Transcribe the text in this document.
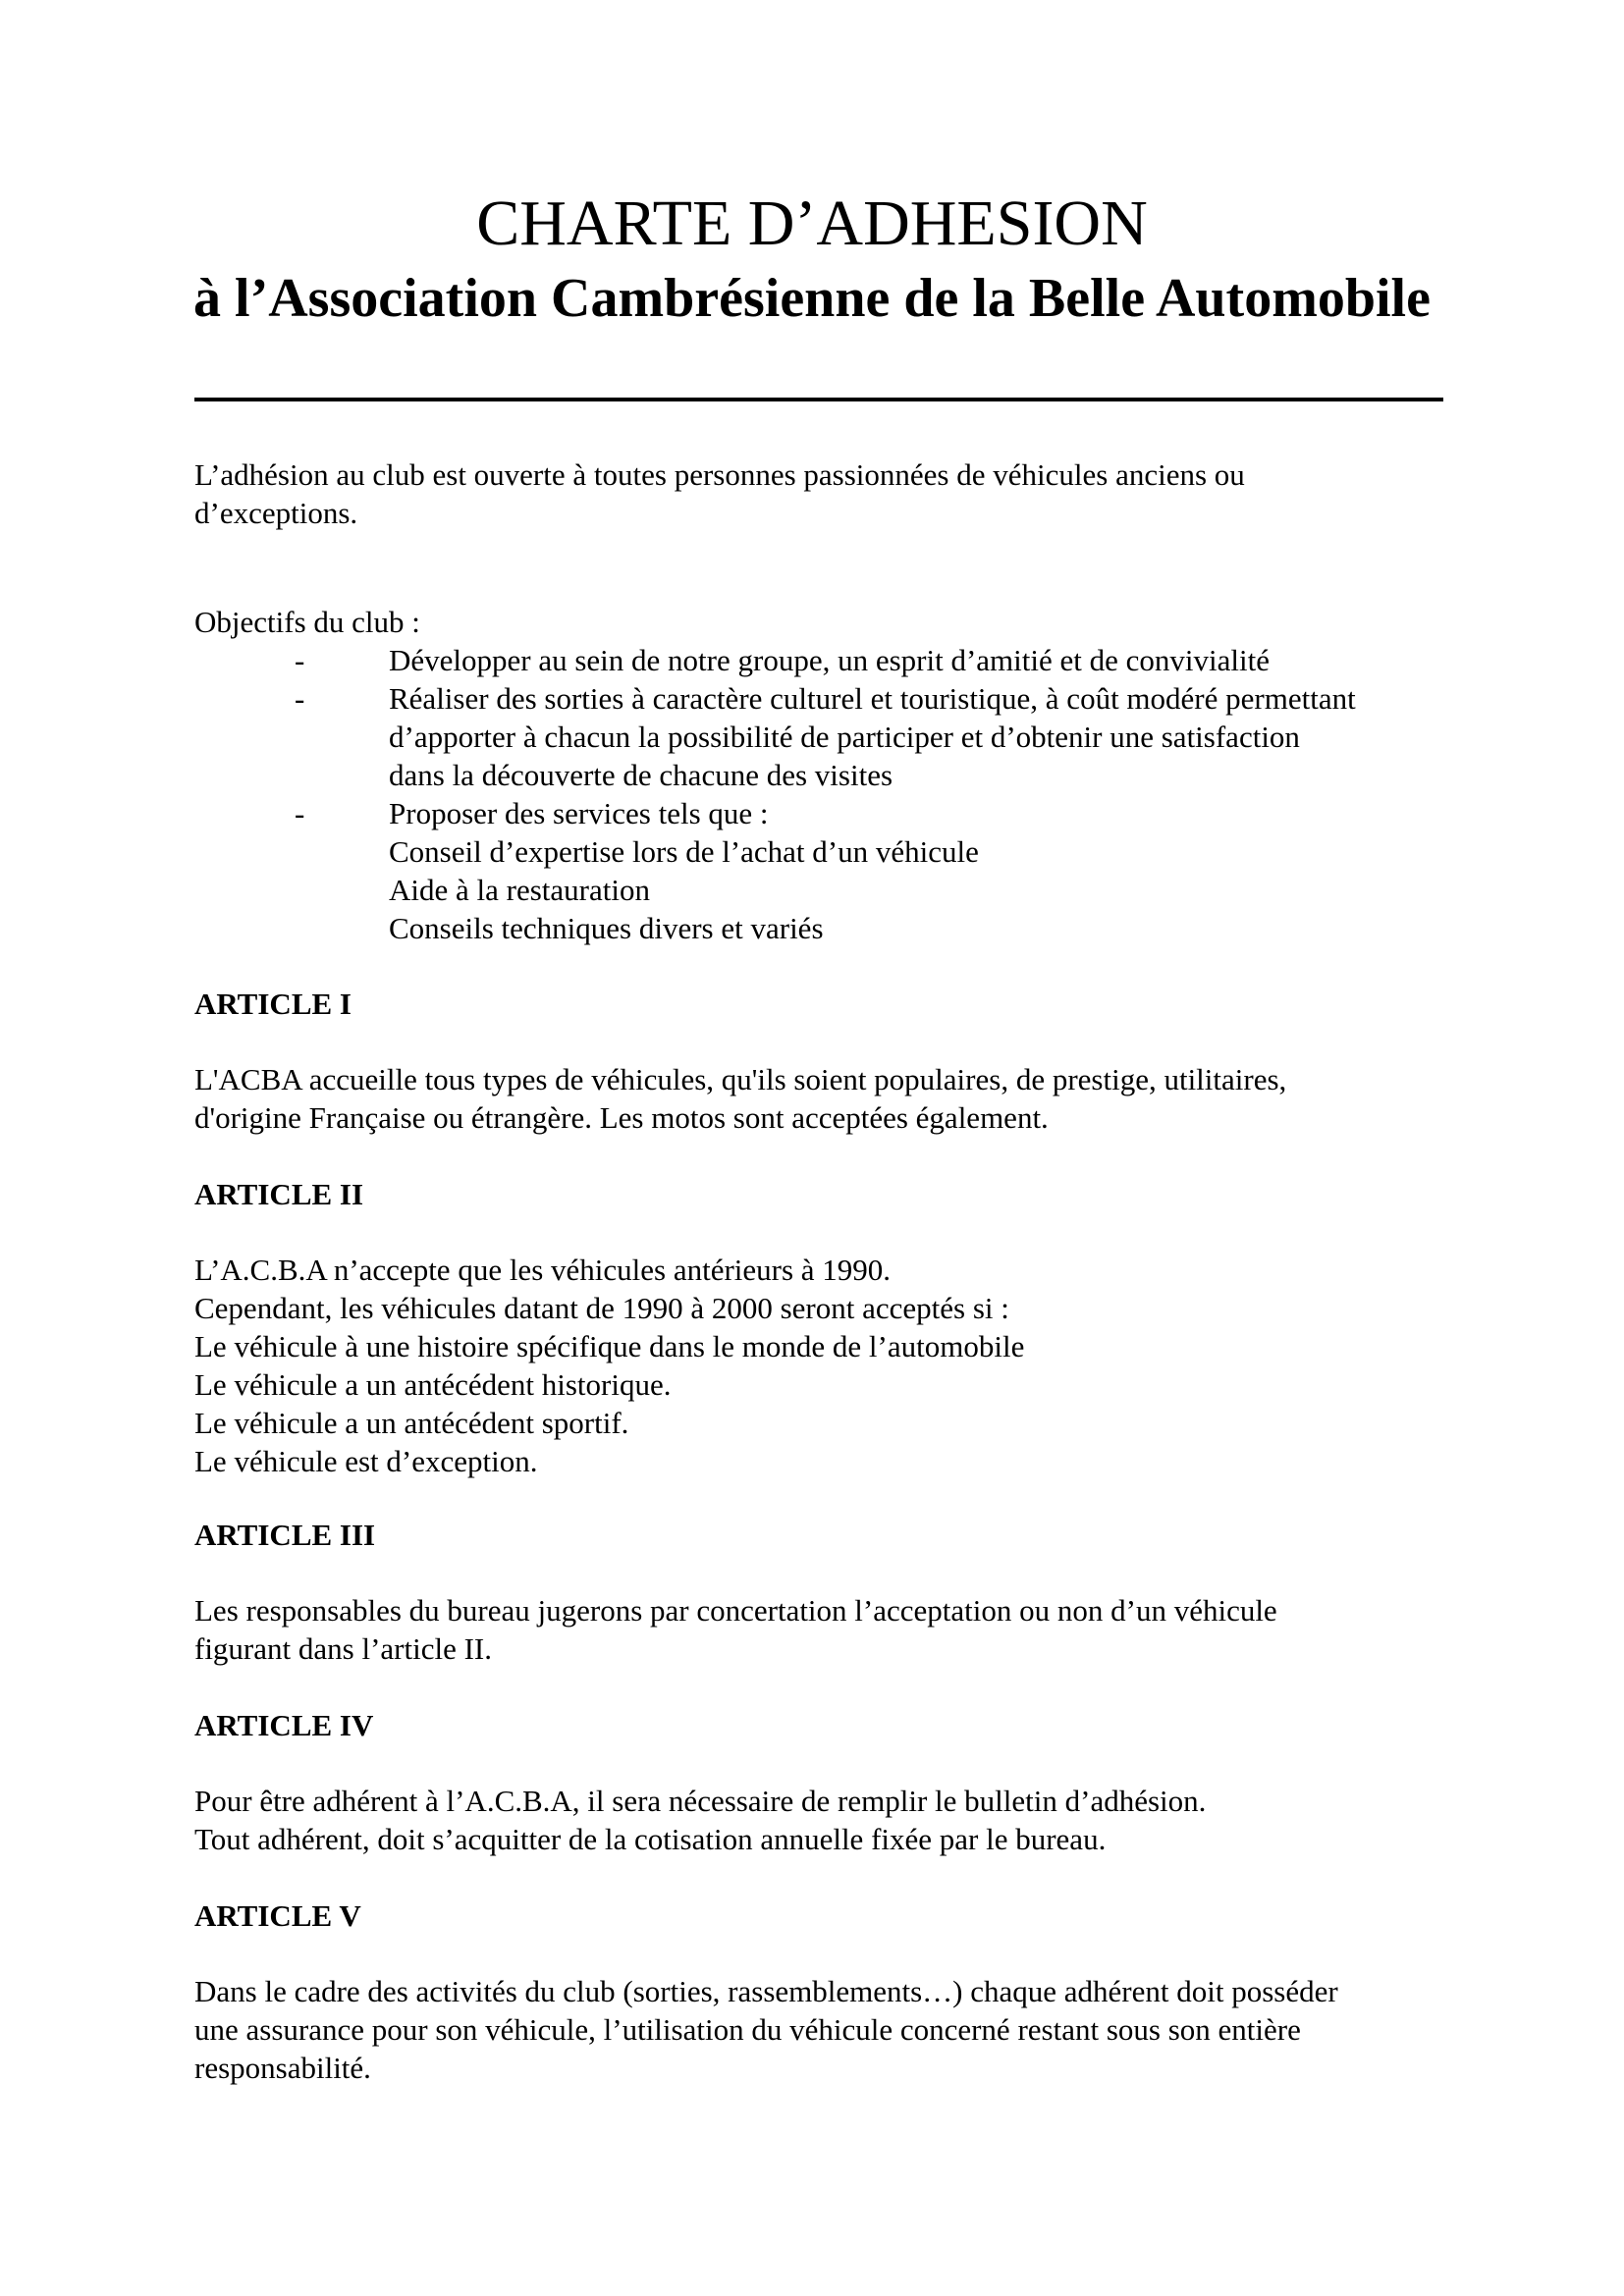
CHARTE D’ADHESION
à l’Association Cambrésienne de la Belle Automobile

L’adhésion au club est ouverte à toutes personnes passionnées de véhicules anciens ou

d’exceptions.

Objectifs du club :

-	Développer au sein de notre groupe, un esprit d’amitié et de convivialité
-	Réaliser des sorties à caractère culturel et touristique, à coût modéré permettant

d’apporter à chacun la possibilité de participer et d’obtenir une satisfaction

dans la découverte de chacune des visites

-	Proposer des services tels que :

Conseil d’expertise lors de l’achat d’un véhicule

Aide à la restauration

Conseils techniques divers et variés

ARTICLE I

L'ACBA accueille tous types de véhicules, qu'ils soient populaires, de prestige, utilitaires,

d'origine Française ou étrangère. Les motos sont acceptées également.

ARTICLE II

L’A.C.B.A n’accepte que les véhicules antérieurs à 1990.

Cependant, les véhicules datant de 1990 à 2000 seront acceptés si :

Le véhicule à une histoire spécifique dans le monde de l’automobile

Le véhicule a un antécédent historique.

Le véhicule a un antécédent sportif.

Le véhicule est d’exception.

ARTICLE III

Les responsables du bureau jugerons par concertation l’acceptation ou non d’un véhicule

figurant dans l’article II.

ARTICLE IV

Pour être adhérent à l’A.C.B.A, il sera nécessaire de remplir le bulletin d’adhésion.

Tout adhérent, doit s’acquitter de la cotisation annuelle fixée par le bureau.

ARTICLE V

Dans le cadre des activités du club (sorties, rassemblements…) chaque adhérent doit posséder

une assurance pour son véhicule, l’utilisation du véhicule concerné restant sous son entière

responsabilité.
